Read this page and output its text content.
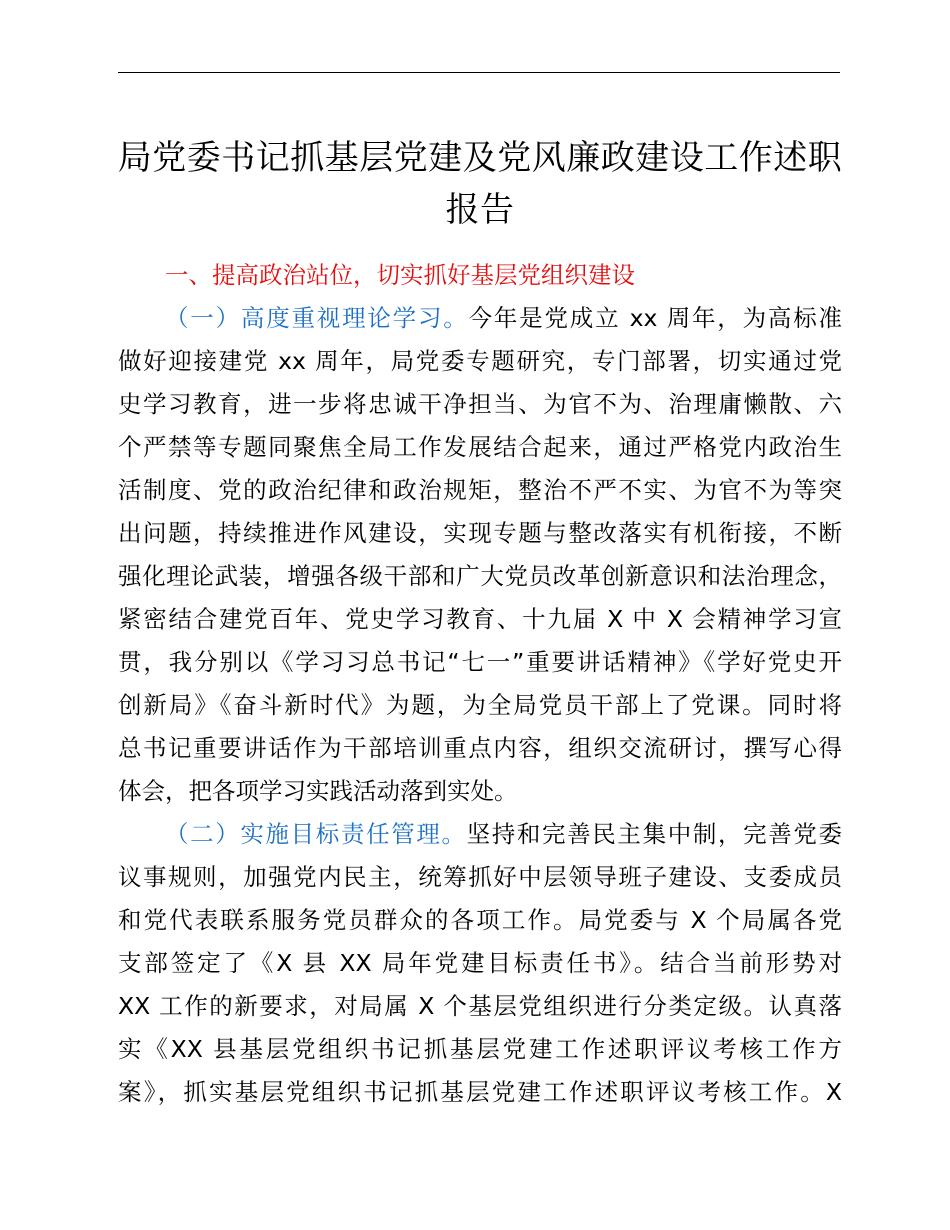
局党委书记抓基层党建及党风廉政建设工作述职
报告
一、提高政治站位，切实抓好基层党组织建设
（一）高度重视理论学习。今年是党成立 xx 周年，为高标准
做好迎接建党 xx 周年，局党委专题研究，专门部署，切实通过党
史学习教育，进一步将忠诚干净担当、为官不为、治理庸懒散、六
个严禁等专题同聚焦全局工作发展结合起来，通过严格党内政治生
活制度、党的政治纪律和政治规矩，整治不严不实、为官不为等突
出问题，持续推进作风建设，实现专题与整改落实有机衔接，不断
强化理论武装，增强各级干部和广大党员改革创新意识和法治理念，
紧密结合建党百年、党史学习教育、十九届 X 中 X 会精神学习宣
贯，我分别以《学习习总书记“七一”重要讲话精神》《学好党史开
创新局》《奋斗新时代》为题，为全局党员干部上了党课。同时将
总书记重要讲话作为干部培训重点内容，组织交流研讨，撰写心得
体会，把各项学习实践活动落到实处。
（二）实施目标责任管理。坚持和完善民主集中制，完善党委
议事规则，加强党内民主，统筹抓好中层领导班子建设、支委成员
和党代表联系服务党员群众的各项工作。局党委与 X 个局属各党
支部签定了《X 县 XX 局年党建目标责任书》。结合当前形势对
XX 工作的新要求，对局属 X 个基层党组织进行分类定级。认真落
实《XX 县基层党组织书记抓基层党建工作述职评议考核工作方
案》，抓实基层党组织书记抓基层党建工作述职评议考核工作。X
